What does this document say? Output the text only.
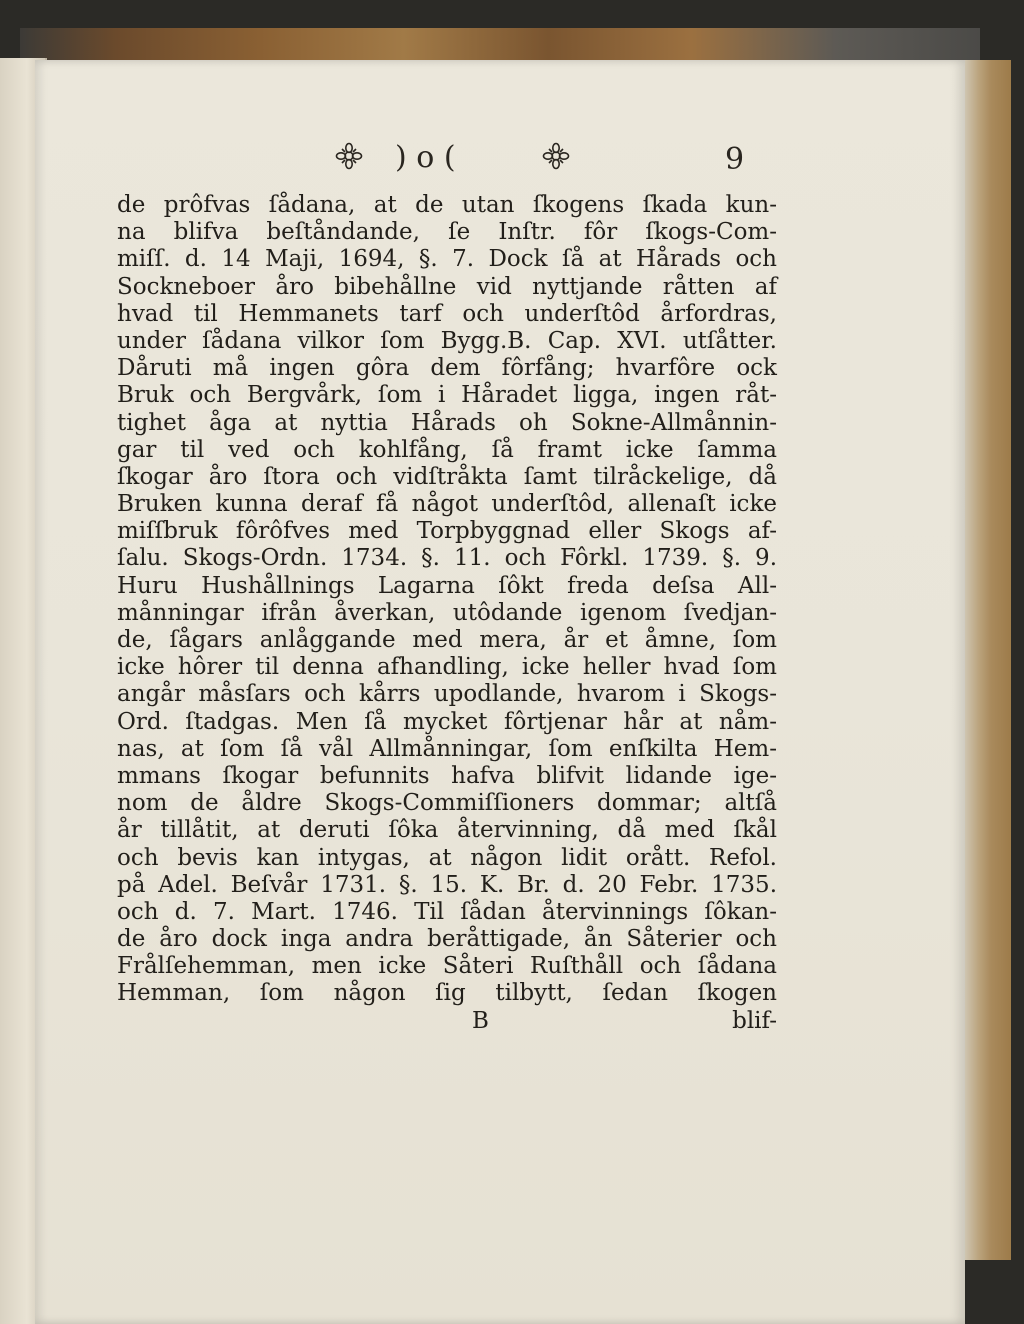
) o (	9
de prôfvas ſådana, at de utan ſkogens ſkada kun-
na blifva beſtåndande, ſe Inſtr. fôr ſkogs-Com-
miſſ. d. 14 Maji, 1694, §. 7. Dock ſå at Hårads och
Sockneboer åro bibehållne vid nyttjande råtten af
hvad til Hemmanets tarf och underſtôd årfordras,
under ſådana vilkor ſom Bygg.B. Cap. XVI. utſåtter.
Dåruti må ingen gôra dem fôrfång; hvarfôre ock
Bruk och Bergvårk, ſom i Håradet ligga, ingen råt-
tighet åga at nyttia Hårads oh Sokne-Allmånnin-
gar til ved och kohlfång, ſå framt icke ſamma
ſkogar åro ſtora och vidſtråkta ſamt tilråckelige, då
Bruken kunna deraf få något underſtôd, allenaſt icke
miſſbruk fôrôfves med Torpbyggnad eller Skogs af-
ſalu. Skogs-Ordn. 1734. §. 11. och Fôrkl. 1739. §. 9.
Huru Hushållnings Lagarna ſôkt freda deſsa All-
månningar ifrån åverkan, utôdande igenom ſvedjan-
de, ſågars anlåggande med mera, år et åmne, ſom
icke hôrer til denna afhandling, icke heller hvad ſom
angår måsſars och kårrs upodlande, hvarom i Skogs-
Ord. ſtadgas. Men ſå mycket fôrtjenar hår at nåm-
nas, at ſom ſå vål Allmånningar, ſom enſkilta Hem-
mmans ſkogar befunnits hafva blifvit lidande ige-
nom de åldre Skogs-Commiſſioners dommar; altſå
år tillåtit, at deruti ſôka återvinning, då med ſkål
och bevis kan intygas, at någon lidit orått. Refol.
på Adel. Beſvår 1731. §. 15. K. Br. d. 20 Febr. 1735.
och d. 7. Mart. 1746. Til ſådan återvinnings ſôkan-
de åro dock inga andra beråttigade, ån Såterier och
Frålſehemman, men icke Såteri Ruſthåll och ſådana
Hemman, ſom någon ſig tilbytt, ſedan ſkogen
B	blif-
